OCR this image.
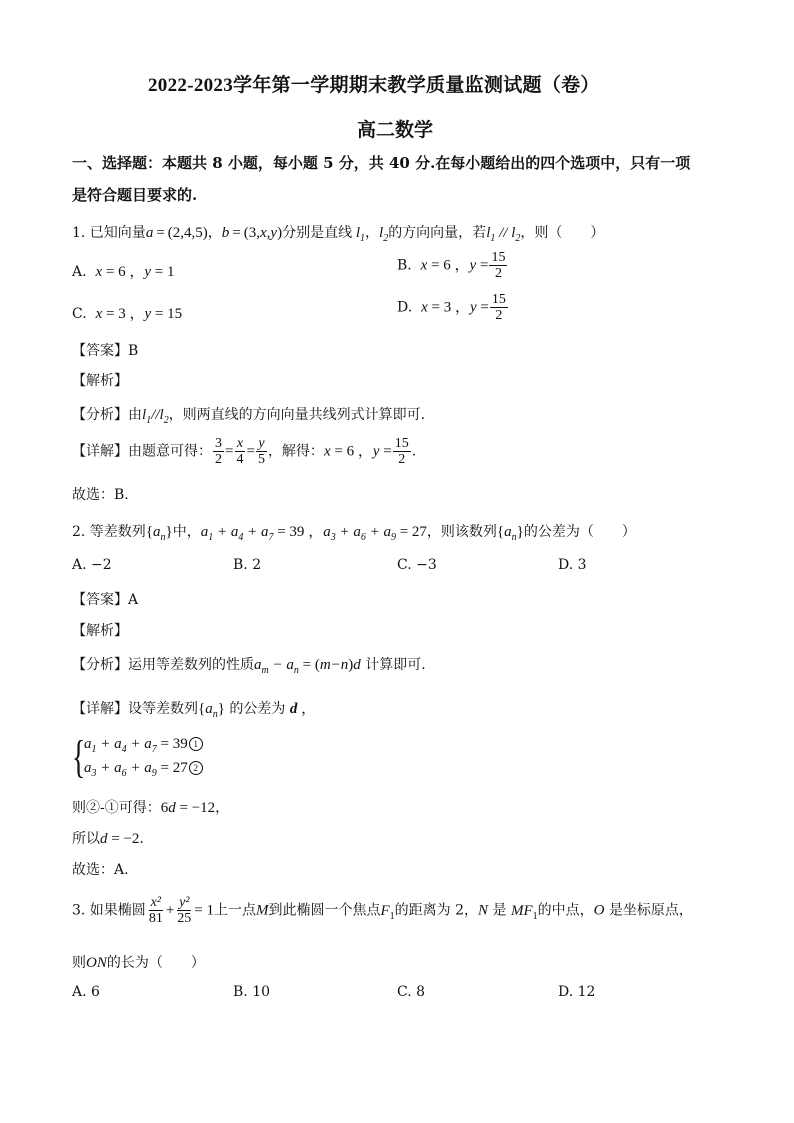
2022-2023学年第一学期期末教学质量监测试题（卷）
高二数学
一、选择题：本题共 8 小题，每小题 5 分，共 40 分.在每小题给出的四个选项中，只有一项
是符合题目要求的.
1. 已知向量a = (2,4,5)，b = (3,x,y)分别是直线 $l_1$，$l_2$的方向向量，若$l_1 // l_2$，则（　　）
A. x = 6 ，y = 1	B. x = 6 ，$y = \frac{15}{2}$
C. x = 3 ，y = 15	D. x = 3 ，$y = \frac{15}{2}$
【答案】B
【解析】
【分析】由$l_1//l_2$，则两直线的方向向量共线列式计算即可.
【详解】由题意可得： $\frac{3}{2} = \frac{x}{4} = \frac{y}{5}$ ，解得：x = 6 ，$y = \frac{15}{2}$ .
故选：B.
2. 等差数列$\{a_n\}$中，$a_1 + a_4 + a_7 = 39$ ，$a_3 + a_6 + a_9 = 27$，则该数列$\{a_n\}$的公差为（　　）
A. −2	B. 2	C. −3	D. 3
【答案】A
【解析】
【分析】运用等差数列的性质$a_m - a_n = (m-n)d$ 计算即可.
【详解】设等差数列$\{a_n\}$ 的公差为 d ，
{
$a_1 + a_4 + a_7 = 39$ 1
$a_3 + a_6 + a_9 = 27$ 2
则②-①可得：6d = −12，
所以d = −2.
故选：A.
3. 如果椭圆 $\frac{\text{x²}}{81} + \frac{\text{y²}}{25} = 1$上一点M到此椭圆一个焦点$F_1$的距离为 2，N 是 $MF_1$的中点，O 是坐标原点，
则ON的长为（　　）
A. 6	B. 10	C. 8	D. 12
